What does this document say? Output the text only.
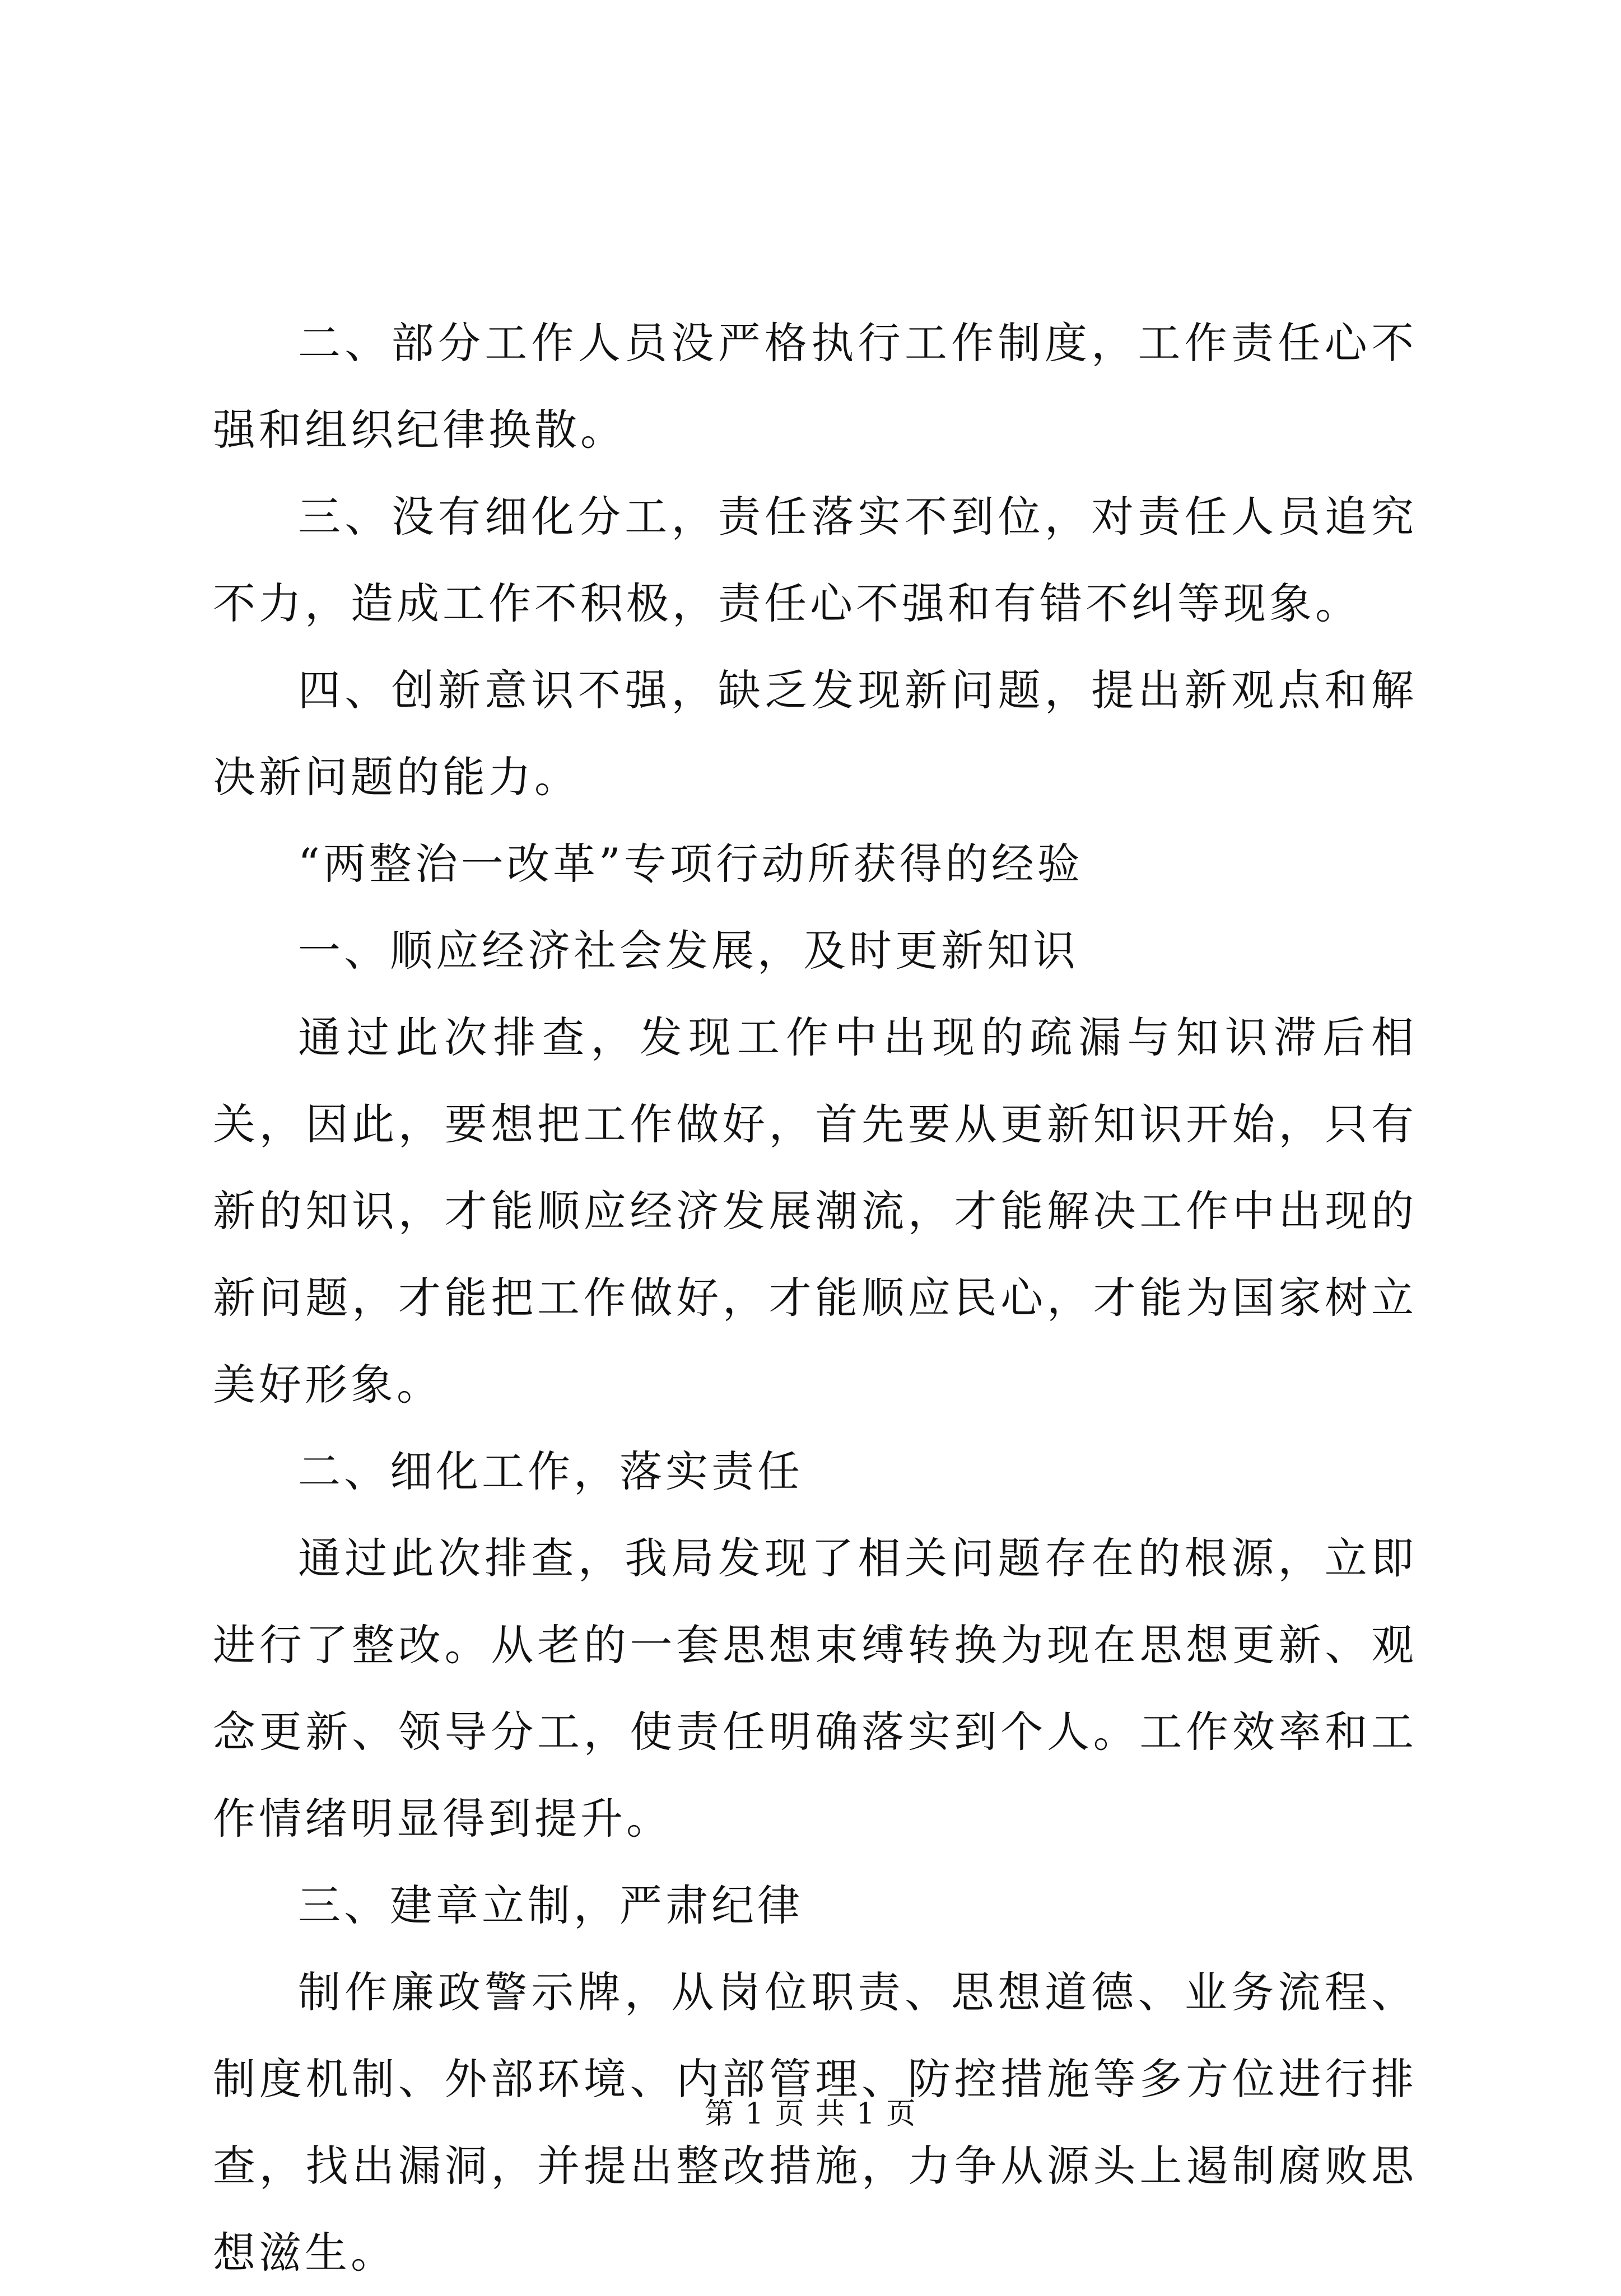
二、部分工作人员没严格执行工作制度，工作责任心不强和组织纪律换散。

三、没有细化分工，责任落实不到位，对责任人员追究不力，造成工作不积极，责任心不强和有错不纠等现象。

四、创新意识不强，缺乏发现新问题，提出新观点和解决新问题的能力。

“两整治一改革”专项行动所获得的经验

一、顺应经济社会发展，及时更新知识

通过此次排查，发现工作中出现的疏漏与知识滞后相关，因此，要想把工作做好，首先要从更新知识开始，只有新的知识，才能顺应经济发展潮流，才能解决工作中出现的新问题，才能把工作做好，才能顺应民心，才能为国家树立美好形象。

二、细化工作，落实责任

通过此次排查，我局发现了相关问题存在的根源，立即进行了整改。从老的一套思想束缚转换为现在思想更新、观念更新、领导分工，使责任明确落实到个人。工作效率和工作情绪明显得到提升。

三、建章立制，严肃纪律

制作廉政警示牌，从岗位职责、思想道德、业务流程、制度机制、外部环境、内部管理、防控措施等多方位进行排查，找出漏洞，并提出整改措施，力争从源头上遏制腐败思想滋生。

第 1 页 共 1 页
